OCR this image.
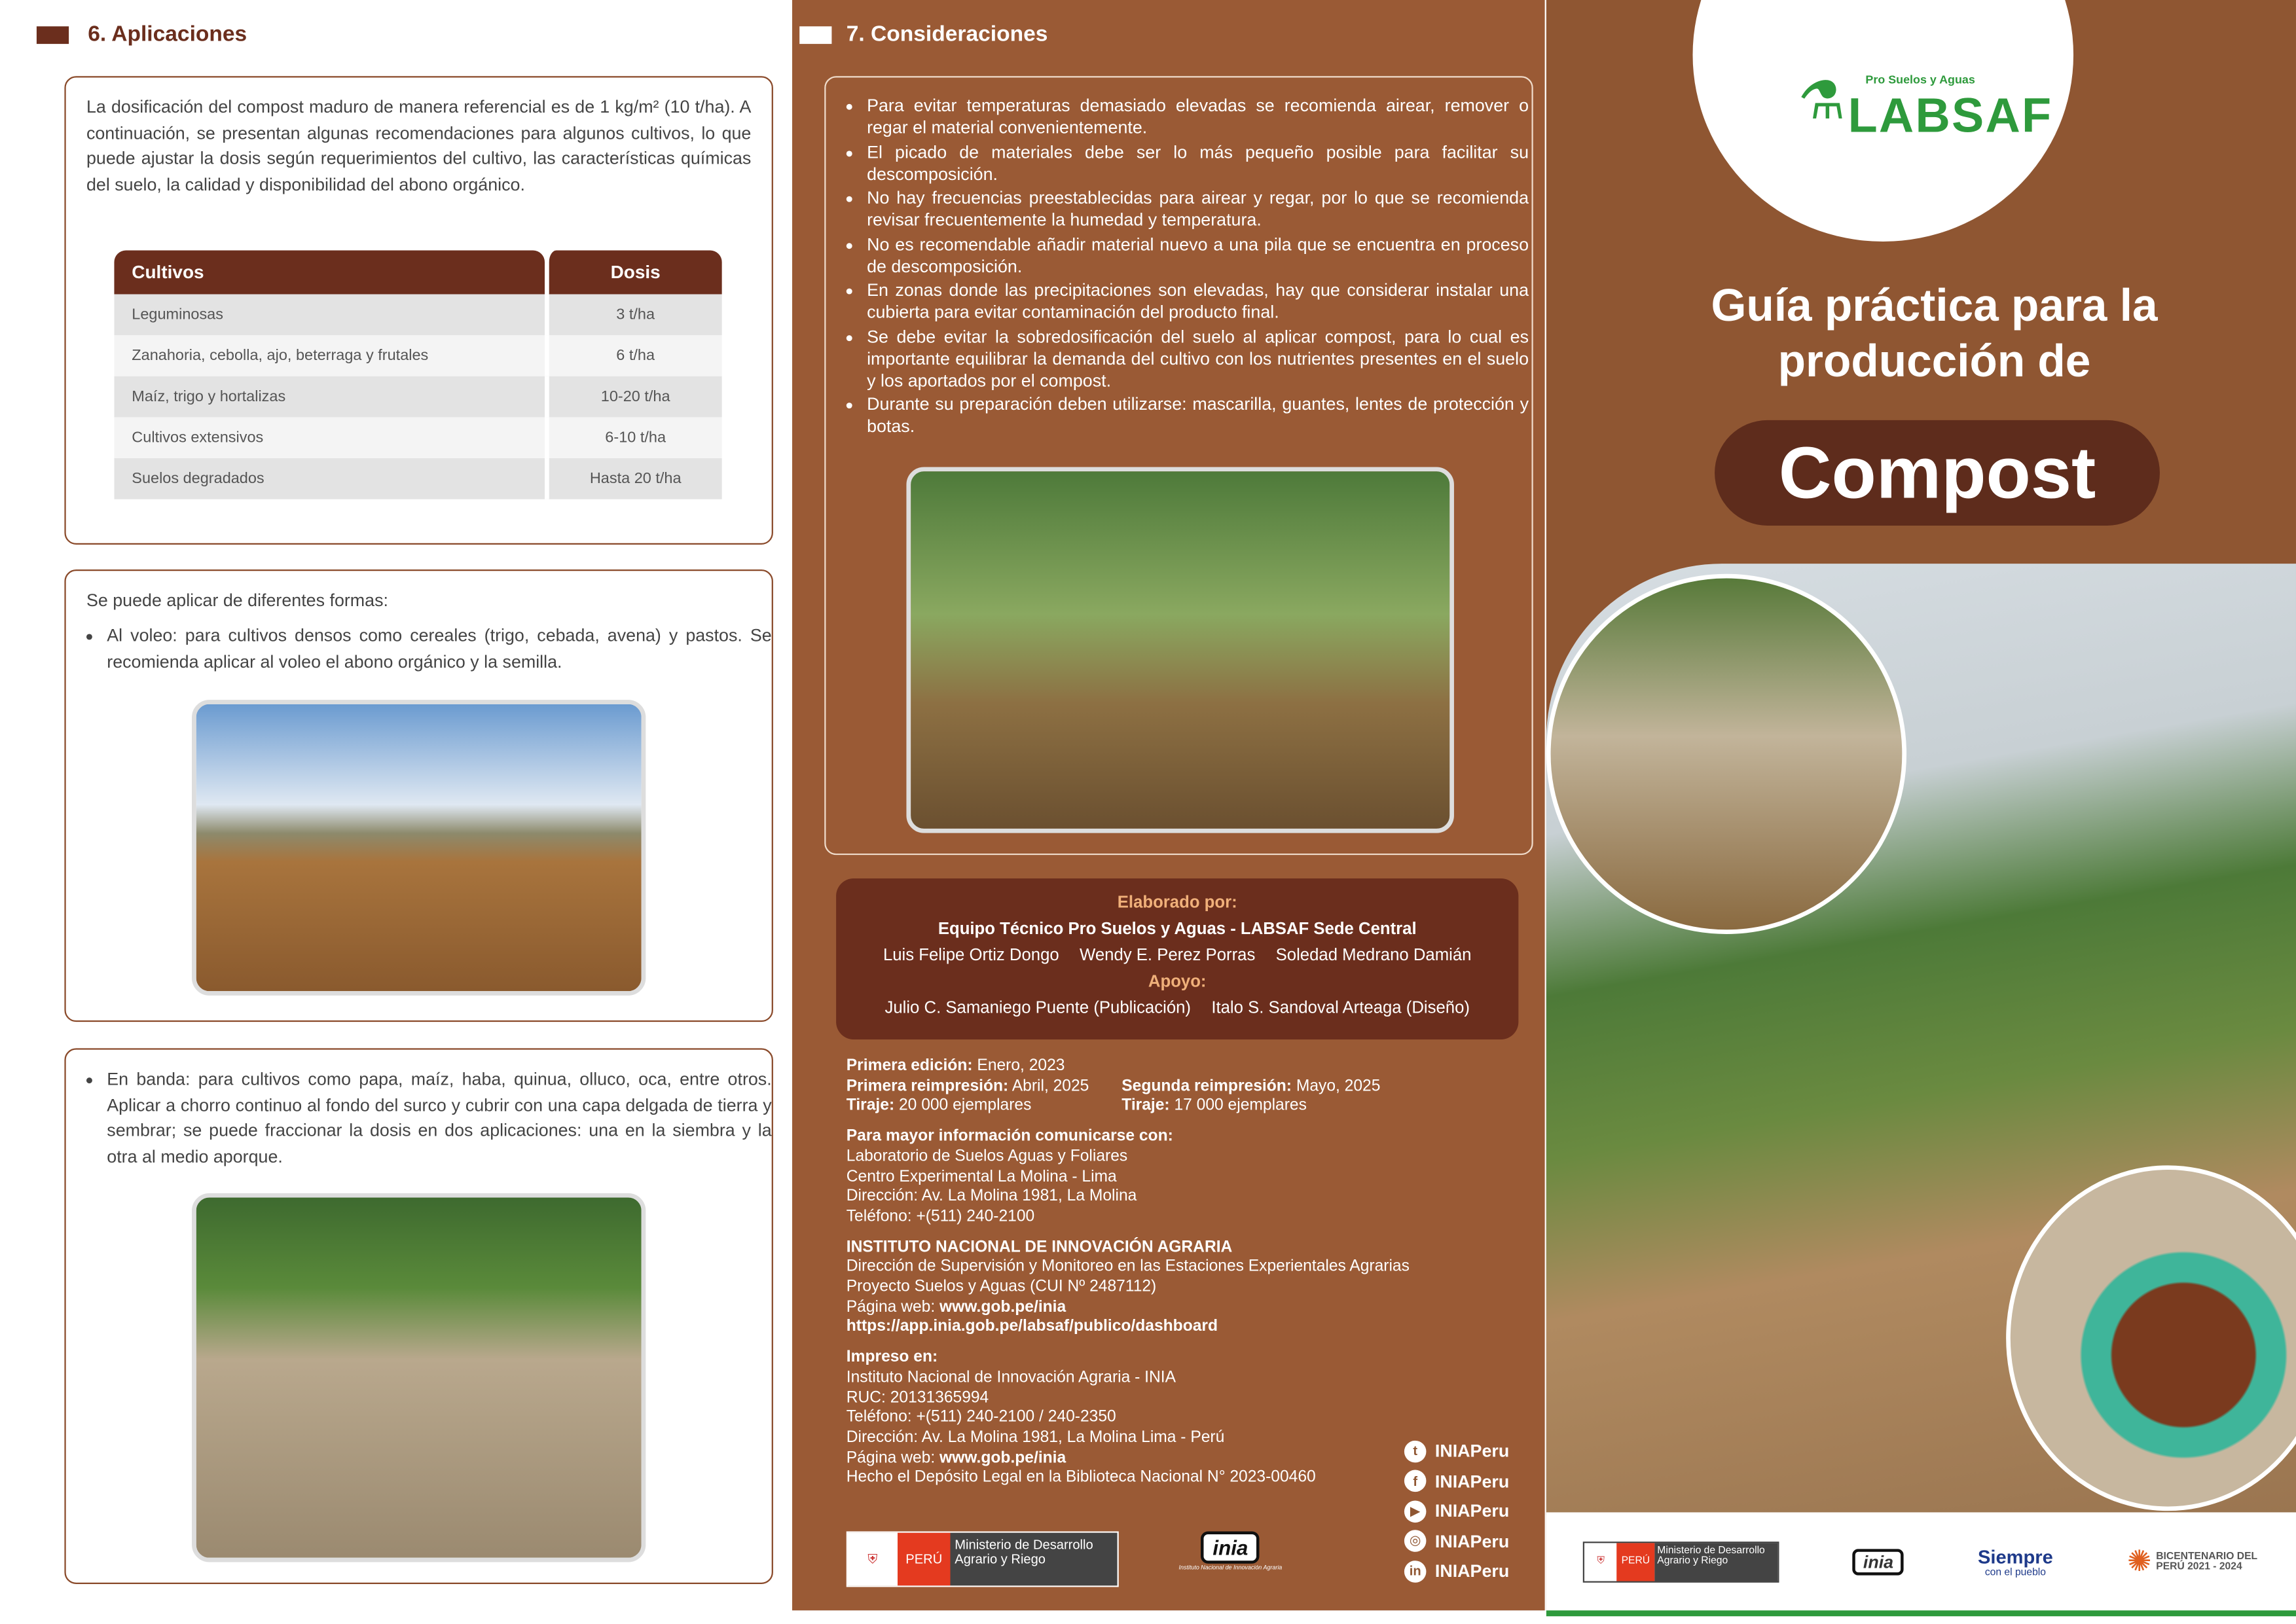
6. Aplicaciones
La dosificación del compost maduro de manera referencial es de 1 kg/m² (10 t/ha). A continuación, se presentan algunas recomendaciones para algunos cultivos, lo que puede ajustar la dosis según requerimientos del cultivo, las características químicas del suelo, la calidad y disponibilidad del abono orgánico.
Cultivos	Dosis
Leguminosas	3 t/ha
Zanahoria, cebolla, ajo, beterraga y frutales	6 t/ha
Maíz, trigo y hortalizas	10-20 t/ha
Cultivos extensivos	6-10 t/ha
Suelos degradados	Hasta 20 t/ha
Se puede aplicar de diferentes formas:
• Al voleo: para cultivos densos como cereales (trigo, cebada, avena) y pastos. Se recomienda aplicar al voleo el abono orgánico y la semilla.
• En banda: para cultivos como papa, maíz, haba, quinua, olluco, oca, entre otros. Aplicar a chorro continuo al fondo del surco y cubrir con una capa delgada de tierra y sembrar; se puede fraccionar la dosis en dos aplicaciones: una en la siembra y la otra al medio aporque.
7. Consideraciones
• Para evitar temperaturas demasiado elevadas se recomienda airear, remover o regar el material convenientemente.
• El picado de materiales debe ser lo más pequeño posible para facilitar su descomposición.
• No hay frecuencias preestablecidas para airear y regar, por lo que se recomienda revisar frecuentemente la humedad y temperatura.
• No es recomendable añadir material nuevo a una pila que se encuentra en proceso de descomposición.
• En zonas donde las precipitaciones son elevadas, hay que considerar instalar una cubierta para evitar contaminación del producto final.
• Se debe evitar la sobredosificación del suelo al aplicar compost, para lo cual es importante equilibrar la demanda del cultivo con los nutrientes presentes en el suelo y los aportados por el compost.
• Durante su preparación deben utilizarse: mascarilla, guantes, lentes de protección y botas.
Elaborado por:
Equipo Técnico Pro Suelos y Aguas - LABSAF Sede Central
Luis Felipe Ortiz Dongo	Wendy E. Perez Porras	Soledad Medrano Damián
Apoyo:
Julio C. Samaniego Puente (Publicación)	Italo S. Sandoval Arteaga (Diseño)
Primera edición: Enero, 2023
Primera reimpresión: Abril, 2025	Segunda reimpresión: Mayo, 2025
Tiraje: 20 000 ejemplares	Tiraje: 17 000 ejemplares
Para mayor información comunicarse con:
Laboratorio de Suelos Aguas y Foliares
Centro Experimental La Molina - Lima
Dirección: Av. La Molina 1981, La Molina
Teléfono: +(511) 240-2100
INSTITUTO NACIONAL DE INNOVACIÓN AGRARIA
Dirección de Supervisión y Monitoreo en las Estaciones Experientales Agrarias
Proyecto Suelos y Aguas (CUI Nº 2487112)
Página web: www.gob.pe/inia
https://app.inia.gob.pe/labsaf/publico/dashboard
Impreso en:
Instituto Nacional de Innovación Agraria - INIA
RUC: 20131365994
Teléfono: +(511) 240-2100 / 240-2350
Dirección: Av. La Molina 1981, La Molina Lima - Perú
Página web: www.gob.pe/inia
Hecho el Depósito Legal en la Biblioteca Nacional N° 2023-00460
t	INIAPeru
f	INIAPeru
▶	INIAPeru
◎	INIAPeru
in	INIAPeru
⛨	PERÚ
Ministerio de Desarrollo Agrario y Riego	inia
Instituto Nacional de Innovación Agraria
⚗	Pro Suelos y Aguas
LABSAF
Guía práctica para la producción de
Compost
⛨	PERÚ
Ministerio de Desarrollo Agrario y Riego	inia	Siempre
con el pueblo	✺ BICENTENARIO DEL PERÚ 2021 - 2024
